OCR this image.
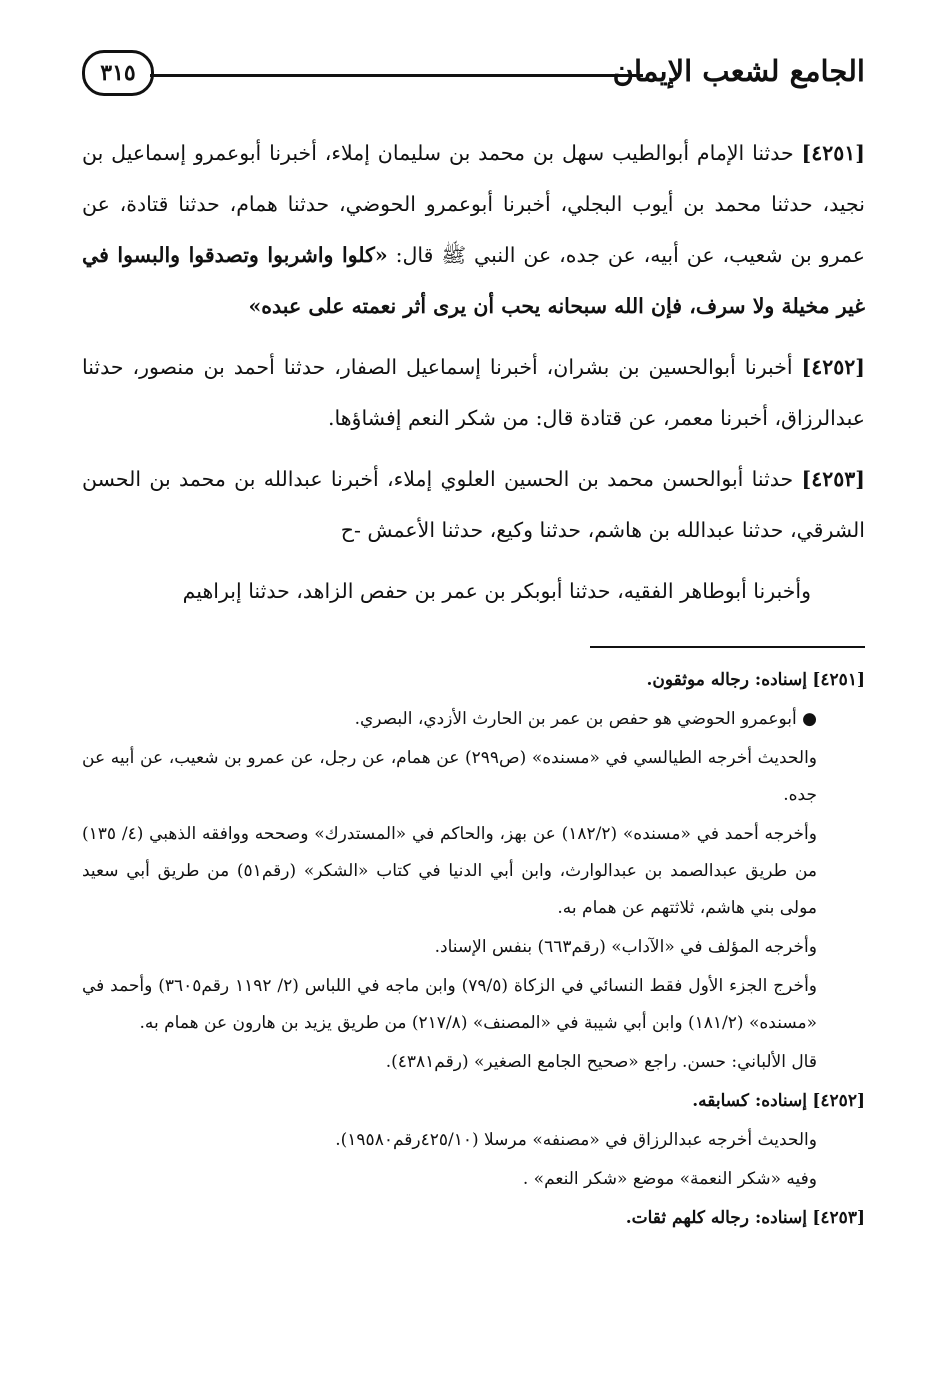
الجامع لشعب الإيمان
٣١٥

[٤٢٥١] حدثنا الإمام أبوالطيب سهل بن محمد بن سليمان إملاء، أخبرنا أبوعمرو إسماعيل بن نجيد، حدثنا محمد بن أيوب البجلي، أخبرنا أبوعمرو الحوضي، حدثنا همام، حدثنا قتادة، عن عمرو بن شعيب، عن أبيه، عن جده، عن النبي ﷺ قال: «كلوا واشربوا وتصدقوا والبسوا في غير مخيلة ولا سرف، فإن الله سبحانه يحب أن يرى أثر نعمته على عبده»

[٤٢٥٢] أخبرنا أبوالحسين بن بشران، أخبرنا إسماعيل الصفار، حدثنا أحمد بن منصور، حدثنا عبدالرزاق، أخبرنا معمر، عن قتادة قال: من شكر النعم إفشاؤها.

[٤٢٥٣] حدثنا أبوالحسن محمد بن الحسين العلوي إملاء، أخبرنا عبدالله بن محمد بن الحسن الشرقي، حدثنا عبدالله بن هاشم، حدثنا وكيع، حدثنا الأعمش -ح

وأخبرنا أبوطاهر الفقيه، حدثنا أبوبكر بن عمر بن حفص الزاهد، حدثنا إبراهيم

[٤٢٥١] إسناده: رجاله موثقون.

● أبوعمرو الحوضي هو حفص بن عمر بن الحارث الأزدي، البصري.

والحديث أخرجه الطيالسي في «مسنده» (ص٢٩٩) عن همام، عن رجل، عن عمرو بن شعيب، عن أبيه عن جده.

وأخرجه أحمد في «مسنده» (١٨٢/٢) عن بهز، والحاكم في «المستدرك» وصححه ووافقه الذهبي (٤/ ١٣٥) من طريق عبدالصمد بن عبدالوارث، وابن أبي الدنيا في كتاب «الشكر» (رقم٥١) من طريق أبي سعيد مولى بني هاشم، ثلاثتهم عن همام به.

وأخرجه المؤلف في «الآداب» (رقم٦٦٣) بنفس الإسناد.

وأخرج الجزء الأول فقط النسائي في الزكاة (٧٩/٥) وابن ماجه في اللباس (٢/ ١١٩٢ رقم٣٦٠٥) وأحمد في «مسنده» (١٨١/٢) وابن أبي شيبة في «المصنف» (٢١٧/٨) من طريق يزيد بن هارون عن همام به.

قال الألباني: حسن. راجع «صحيح الجامع الصغير» (رقم٤٣٨١).

[٤٢٥٢] إسناده: كسابقه.

والحديث أخرجه عبدالرزاق في «مصنفه» مرسلا (٤٢٥/١٠رقم١٩٥٨٠).

وفيه «شكر النعمة» موضع «شكر النعم» .

[٤٢٥٣] إسناده: رجاله كلهم ثقات.
